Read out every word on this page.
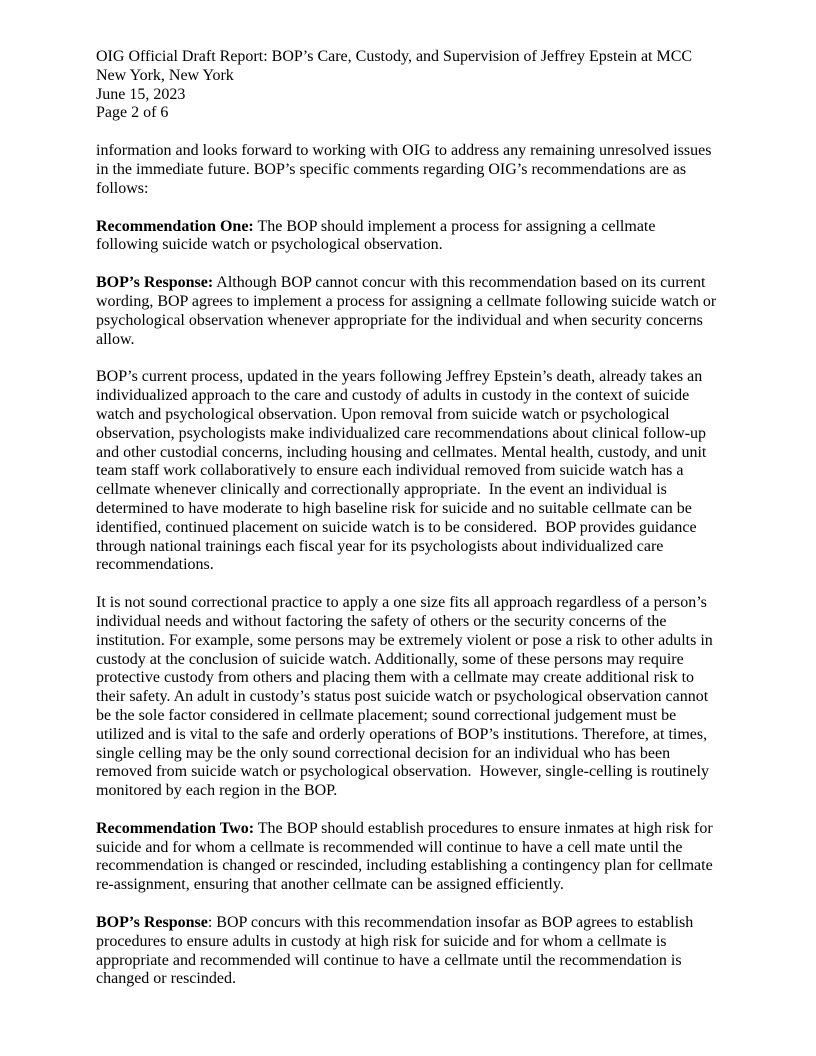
OIG Official Draft Report: BOP’s Care, Custody, and Supervision of Jeffrey Epstein at MCC New York, New York
June 15, 2023
Page 2 of 6

information and looks forward to working with OIG to address any remaining unresolved issues in the immediate future. BOP’s specific comments regarding OIG’s recommendations are as follows:

Recommendation One: The BOP should implement a process for assigning a cellmate following suicide watch or psychological observation.

BOP’s Response: Although BOP cannot concur with this recommendation based on its current wording, BOP agrees to implement a process for assigning a cellmate following suicide watch or psychological observation whenever appropriate for the individual and when security concerns allow.

BOP’s current process, updated in the years following Jeffrey Epstein’s death, already takes an individualized approach to the care and custody of adults in custody in the context of suicide watch and psychological observation. Upon removal from suicide watch or psychological observation, psychologists make individualized care recommendations about clinical follow-up and other custodial concerns, including housing and cellmates. Mental health, custody, and unit team staff work collaboratively to ensure each individual removed from suicide watch has a cellmate whenever clinically and correctionally appropriate.  In the event an individual is determined to have moderate to high baseline risk for suicide and no suitable cellmate can be identified, continued placement on suicide watch is to be considered.  BOP provides guidance through national trainings each fiscal year for its psychologists about individualized care recommendations.

It is not sound correctional practice to apply a one size fits all approach regardless of a person’s individual needs and without factoring the safety of others or the security concerns of the institution. For example, some persons may be extremely violent or pose a risk to other adults in custody at the conclusion of suicide watch. Additionally, some of these persons may require protective custody from others and placing them with a cellmate may create additional risk to their safety. An adult in custody’s status post suicide watch or psychological observation cannot be the sole factor considered in cellmate placement; sound correctional judgement must be utilized and is vital to the safe and orderly operations of BOP’s institutions. Therefore, at times, single celling may be the only sound correctional decision for an individual who has been removed from suicide watch or psychological observation.  However, single-celling is routinely monitored by each region in the BOP.

Recommendation Two: The BOP should establish procedures to ensure inmates at high risk for suicide and for whom a cellmate is recommended will continue to have a cell mate until the recommendation is changed or rescinded, including establishing a contingency plan for cellmate re-assignment, ensuring that another cellmate can be assigned efficiently.

BOP’s Response: BOP concurs with this recommendation insofar as BOP agrees to establish procedures to ensure adults in custody at high risk for suicide and for whom a cellmate is appropriate and recommended will continue to have a cellmate until the recommendation is changed or rescinded.
